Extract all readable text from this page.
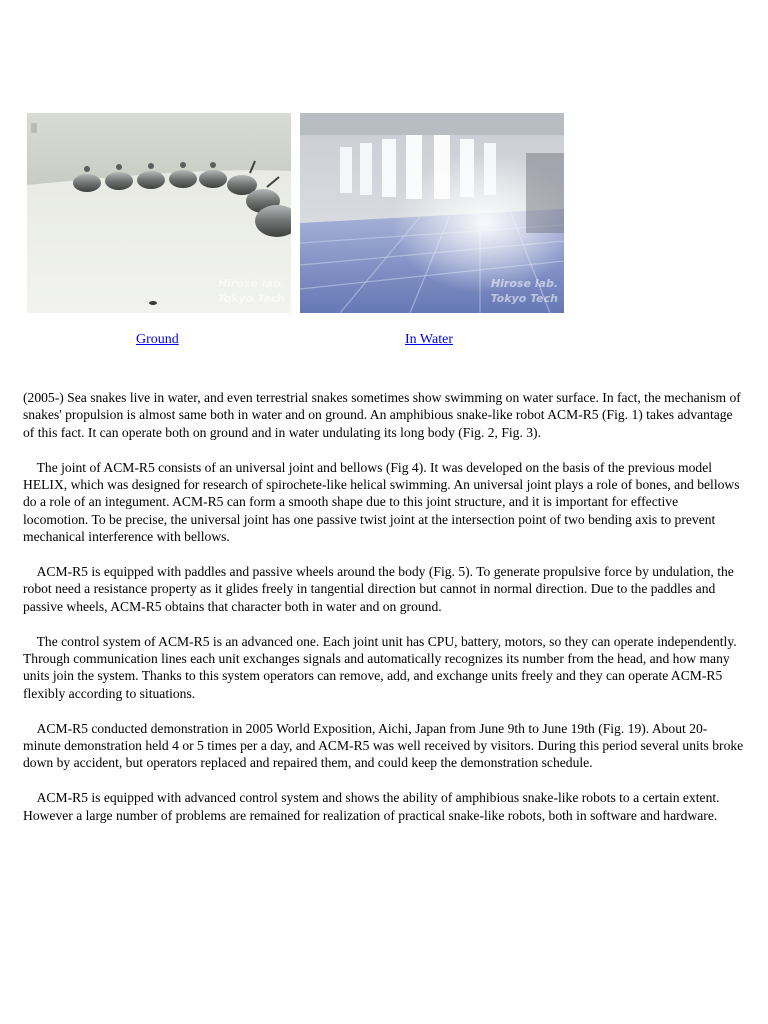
Hirose lab.
Tokyo Tech
Hirose lab.
Tokyo Tech
Ground	In Water

(2005-) Sea snakes live in water, and even terrestrial snakes sometimes show swimming on water surface. In fact, the mechanism of snakes' propulsion is almost same both in water and on ground. An amphibious snake-like robot ACM-R5 (Fig. 1) takes advantage of this fact. It can operate both on ground and in water undulating its long body (Fig. 2, Fig. 3).

The joint of ACM-R5 consists of an universal joint and bellows (Fig 4). It was developed on the basis of the previous model HELIX, which was designed for research of spirochete-like helical swimming. An universal joint plays a role of bones, and bellows do a role of an integument. ACM-R5 can form a smooth shape due to this joint structure, and it is important for effective locomotion. To be precise, the universal joint has one passive twist joint at the intersection point of two bending axis to prevent mechanical interference with bellows.

ACM-R5 is equipped with paddles and passive wheels around the body (Fig. 5). To generate propulsive force by undulation, the robot need a resistance property as it glides freely in tangential direction but cannot in normal direction. Due to the paddles and passive wheels, ACM-R5 obtains that character both in water and on ground.

The control system of ACM-R5 is an advanced one. Each joint unit has CPU, battery, motors, so they can operate independently. Through communication lines each unit exchanges signals and automatically recognizes its number from the head, and how many units join the system. Thanks to this system operators can remove, add, and exchange units freely and they can operate ACM-R5 flexibly according to situations.

ACM-R5 conducted demonstration in 2005 World Exposition, Aichi, Japan from June 9th to June 19th (Fig. 19). About 20-minute demonstration held 4 or 5 times per a day, and ACM-R5 was well received by visitors. During this period several units broke down by accident, but operators replaced and repaired them, and could keep the demonstration schedule.

ACM-R5 is equipped with advanced control system and shows the ability of amphibious snake-like robots to a certain extent. However a large number of problems are remained for realization of practical snake-like robots, both in software and hardware.
